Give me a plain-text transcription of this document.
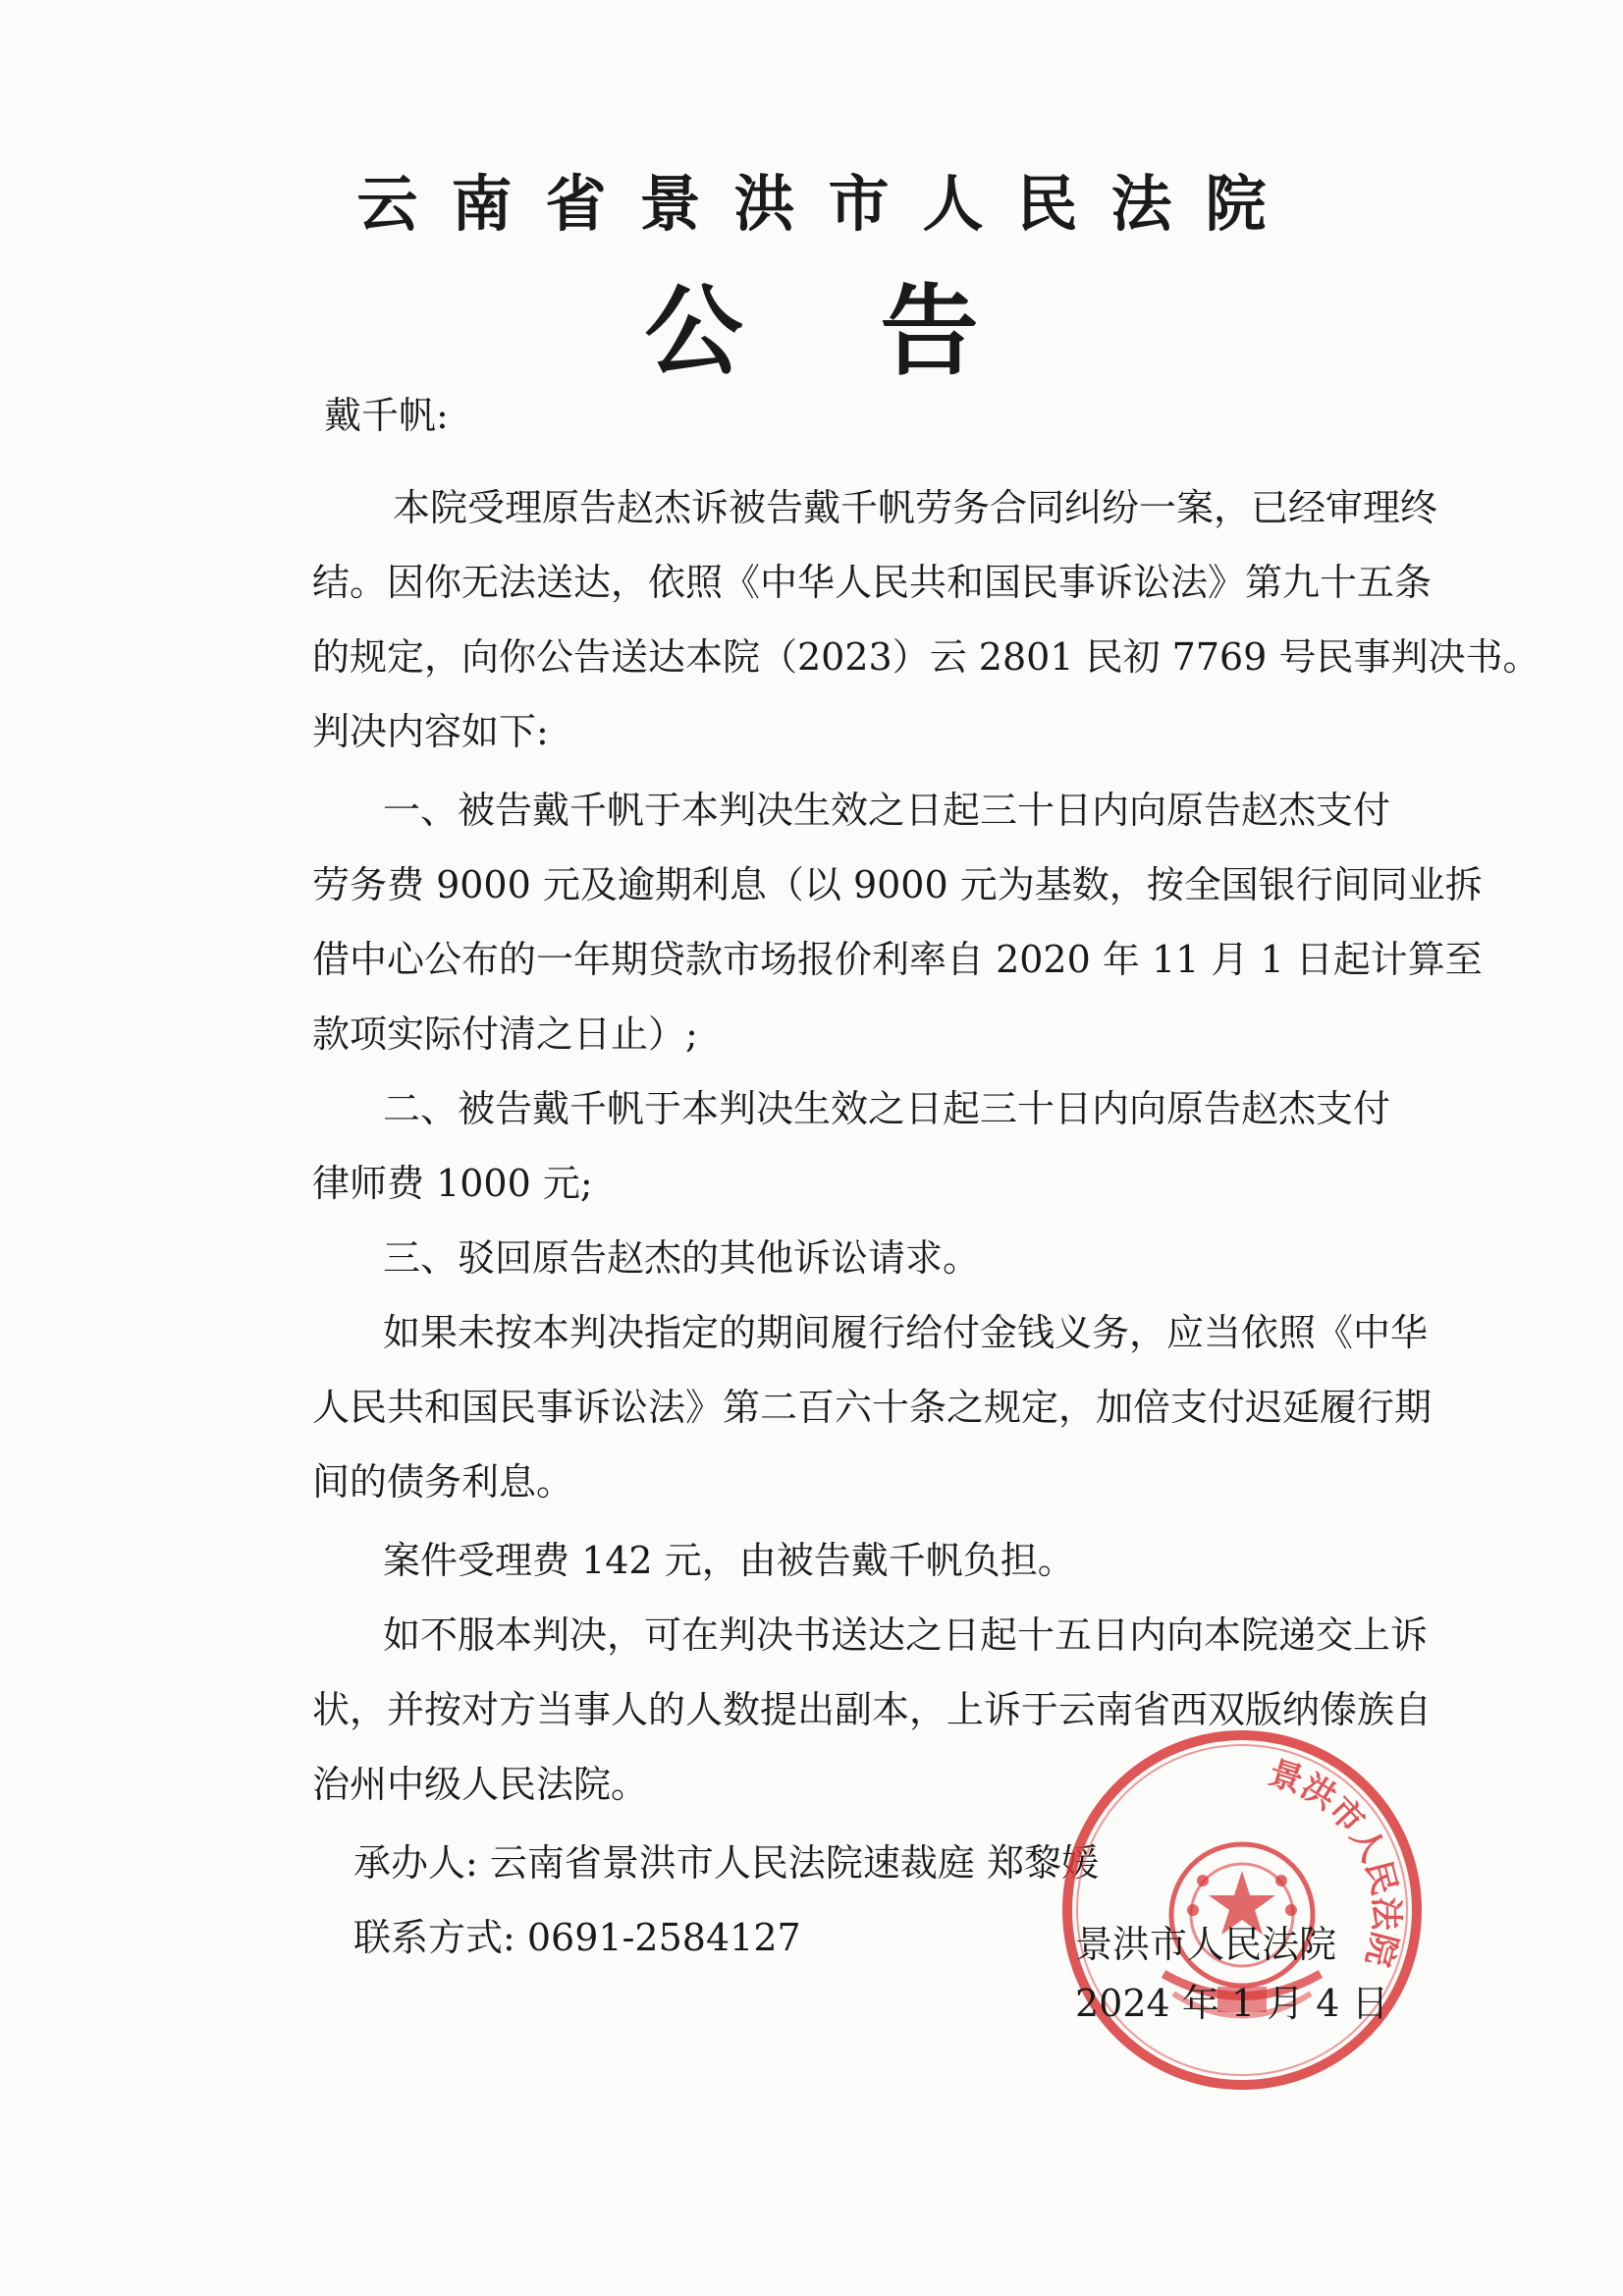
云南省景洪市人民法院
公告
戴千帆:
本院受理原告赵杰诉被告戴千帆劳务合同纠纷一案，已经审理终
结。因你无法送达，依照《中华人民共和国民事诉讼法》第九十五条
的规定，向你公告送达本院（2023）云 2801 民初 7769 号民事判决书。
判决内容如下:
一、被告戴千帆于本判决生效之日起三十日内向原告赵杰支付
劳务费 9000 元及逾期利息（以 9000 元为基数，按全国银行间同业拆
借中心公布的一年期贷款市场报价利率自 2020 年 11 月 1 日起计算至
款项实际付清之日止）;
二、被告戴千帆于本判决生效之日起三十日内向原告赵杰支付
律师费 1000 元;
三、驳回原告赵杰的其他诉讼请求。
如果未按本判决指定的期间履行给付金钱义务，应当依照《中华
人民共和国民事诉讼法》第二百六十条之规定，加倍支付迟延履行期
间的债务利息。
案件受理费 142 元，由被告戴千帆负担。
如不服本判决，可在判决书送达之日起十五日内向本院递交上诉
状，并按对方当事人的人数提出副本，上诉于云南省西双版纳傣族自
治州中级人民法院。
承办人: 云南省景洪市人民法院速裁庭 郑黎媛
联系方式: 0691-2584127
景洪市人民法院
景洪市人民法院
2024 年 1 月 4 日
